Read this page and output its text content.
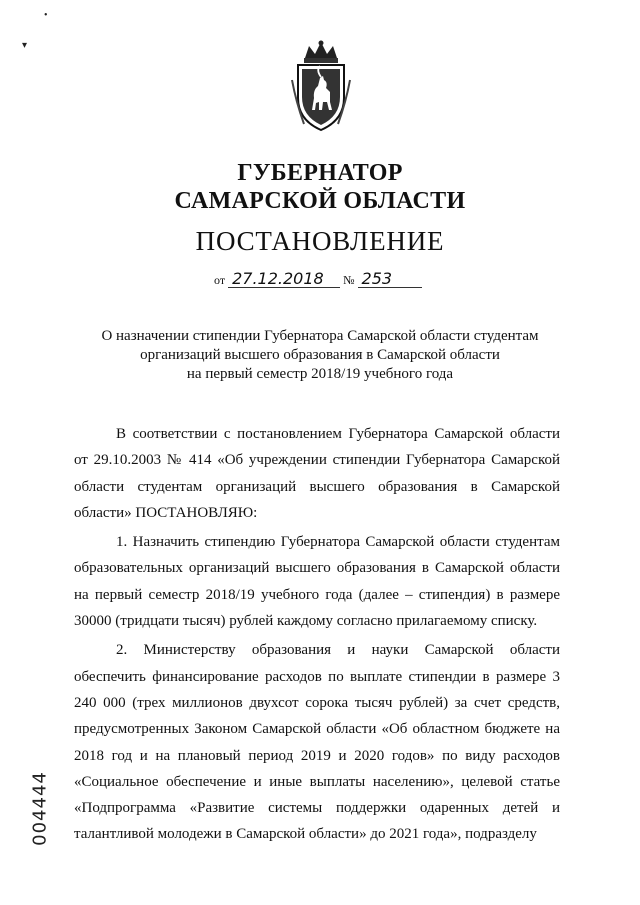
•
▾
ГУБЕРНАТОР
САМАРСКОЙ ОБЛАСТИ
ПОСТАНОВЛЕНИЕ
от 27.12.2018 № 253
О назначении стипендии Губернатора Самарской области студентам
организаций высшего образования в Самарской области
на первый семестр 2018/19 учебного года

В соответствии с постановлением Губернатора Самарской области от 29.10.2003 № 414 «Об учреждении стипендии Губернатора Самарской области студентам организаций высшего образования в Самарской области» ПОСТАНОВЛЯЮ:

1. Назначить стипендию Губернатора Самарской области студентам образовательных организаций высшего образования в Самарской области на первый семестр 2018/19 учебного года (далее – стипендия) в размере 30000 (тридцати тысяч) рублей каждому согласно прилагаемому списку.

2. Министерству образования и науки Самарской области обеспечить финансирование расходов по выплате стипендии в размере 3 240 000 (трех миллионов двухсот сорока тысяч рублей) за счет средств, предусмотренных Законом Самарской области «Об областном бюджете на 2018 год и на плановый период 2019 и 2020 годов» по виду расходов «Социальное обеспечение и иные выплаты населению», целевой статье «Подпрограмма «Развитие системы поддержки одаренных детей и талантливой молодежи в Самарской области» до 2021 года», подразделу

004444
